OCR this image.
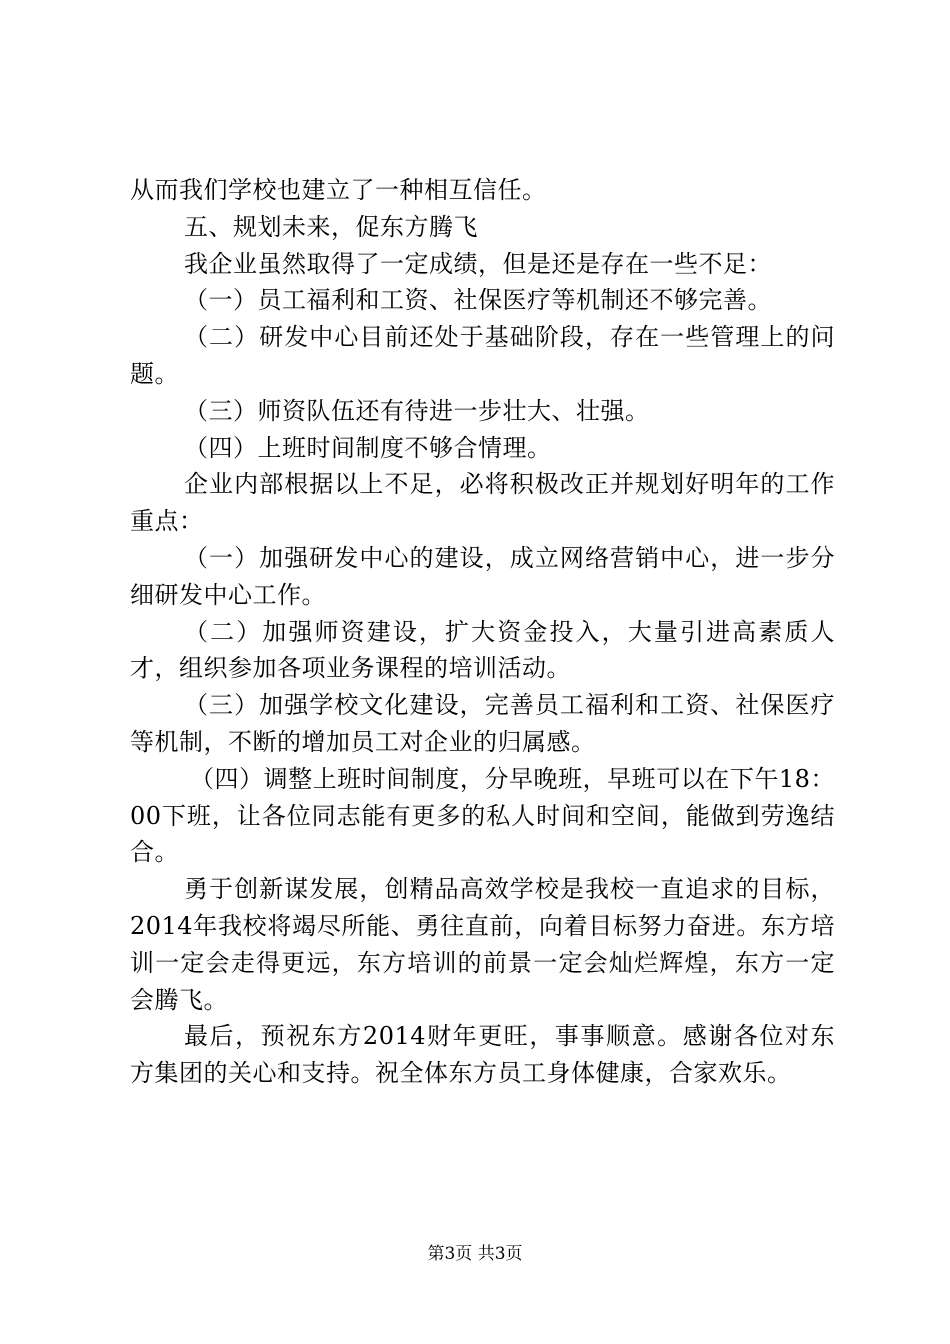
从而我们学校也建立了一种相互信任。

五、规划未来，促东方腾飞

我企业虽然取得了一定成绩，但是还是存在一些不足：

（一）员工福利和工资、社保医疗等机制还不够完善。

（二）研发中心目前还处于基础阶段，存在一些管理上的问题。

（三）师资队伍还有待进一步壮大、壮强。

（四）上班时间制度不够合情理。

企业内部根据以上不足，必将积极改正并规划好明年的工作重点：

（一）加强研发中心的建设，成立网络营销中心，进一步分细研发中心工作。

（二）加强师资建设，扩大资金投入，大量引进高素质人才，组织参加各项业务课程的培训活动。

（三）加强学校文化建设，完善员工福利和工资、社保医疗等机制，不断的增加员工对企业的归属感。

（四）调整上班时间制度，分早晚班，早班可以在下午18：00下班，让各位同志能有更多的私人时间和空间，能做到劳逸结合。

勇于创新谋发展，创精品高效学校是我校一直追求的目标，2014年我校将竭尽所能、勇往直前，向着目标努力奋进。东方培训一定会走得更远，东方培训的前景一定会灿烂辉煌，东方一定会腾飞。

最后，预祝东方2014财年更旺，事事顺意。感谢各位对东方集团的关心和支持。祝全体东方员工身体健康，合家欢乐。

第3页 共3页
